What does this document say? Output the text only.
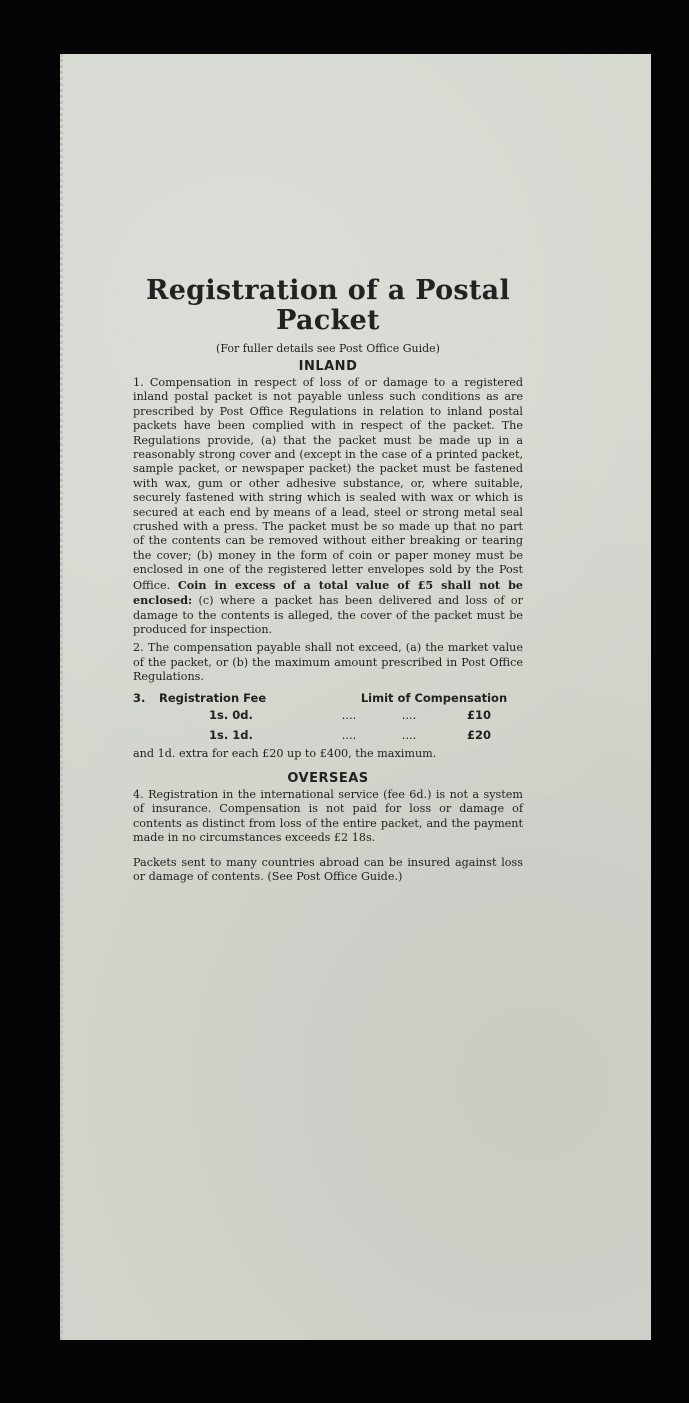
Registration of a Postal Packet
(For fuller details see Post Office Guide)
INLAND

1. Compensation in respect of loss of or damage to a registered inland postal packet is not payable unless such conditions as are prescribed by Post Office Regulations in relation to inland postal packets have been complied with in respect of the packet. The Regulations provide, (a) that the packet must be made up in a reasonably strong cover and (except in the case of a printed packet, sample packet, or newspaper packet) the packet must be fastened with wax, gum or other adhesive substance, or, where suitable, securely fastened with string which is sealed with wax or which is secured at each end by means of a lead, steel or strong metal seal crushed with a press. The packet must be so made up that no part of the contents can be removed without either breaking or tearing the cover; (b) money in the form of coin or paper money must be enclosed in one of the registered letter envelopes sold by the Post Office. Coin in excess of a total value of £5 shall not be enclosed: (c) where a packet has been delivered and loss of or damage to the contents is alleged, the cover of the packet must be produced for inspection.

2. The compensation payable shall not exceed, (a) the market value of the packet, or (b) the maximum amount prescribed in Post Office Regulations.

3.	Registration Fee	Limit of Compensation
1s. 0d.	....	....	£10
1s. 1d.	....	....	£20

and 1d. extra for each £20 up to £400, the maximum.

OVERSEAS

4. Registration in the international service (fee 6d.) is not a system of insurance. Compensation is not paid for loss or damage of contents as distinct from loss of the entire packet, and the payment made in no circumstances exceeds £2 18s.

Packets sent to many countries abroad can be insured against loss or damage of contents. (See Post Office Guide.)
